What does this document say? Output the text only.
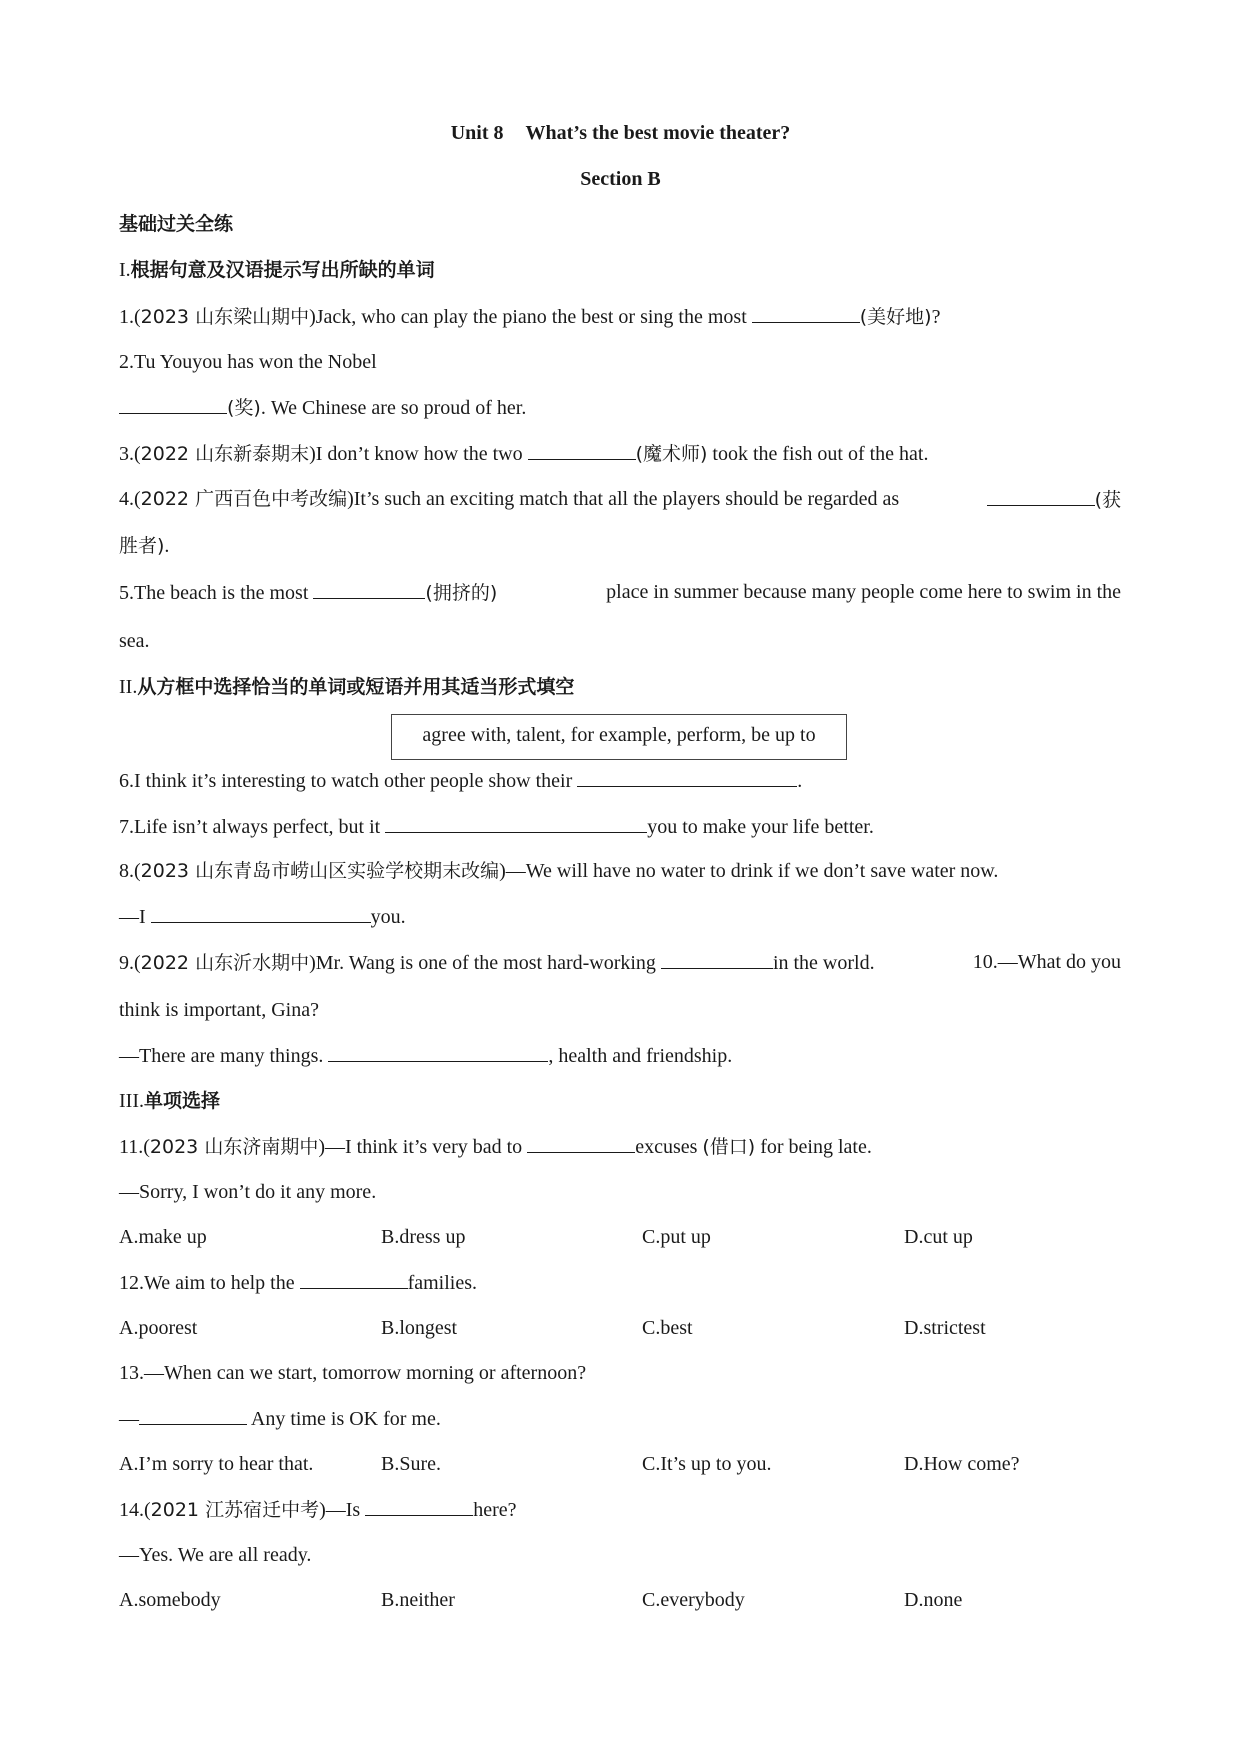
Unit 8 What’s the best movie theater?
Section B
基础过关全练
I.根据句意及汉语提示写出所缺的单词
1.(2023 山东梁山期中)Jack, who can play the piano the best or sing the most	(美好地)?
2.Tu Youyou has won the Nobel
(奖). We Chinese are so proud of her.
3.(2022 山东新泰期末)I don’t know how the two	(魔术师) took the fish out of the hat.
4.(2022 广西百色中考改编)It’s such an exciting match that all the players should be regarded as	(获
胜者).
5.The beach is the most	(拥挤的)	place in summer because many people come here to swim in the
sea.
II.从方框中选择恰当的单词或短语并用其适当形式填空
agree with, talent, for example, perform, be up to
6.I think it’s interesting to watch other people show their	.
7.Life isn’t always perfect, but it	you to make your life better.
8.(2023 山东青岛市崂山区实验学校期末改编)—We will have no water to drink if we don’t save water now.
—I	you.
9.(2022 山东沂水期中)Mr. Wang is one of the most hard-working	in the world.	10.—What do you
think is important, Gina?
—There are many things.	, health and friendship.
III.单项选择
11.(2023 山东济南期中)—I think it’s very bad to	excuses (借口) for being late.
—Sorry, I won’t do it any more.
A.make up	B.dress up	C.put up	D.cut up
12.We aim to help the	families.
A.poorest	B.longest	C.best	D.strictest
13.—When can we start, tomorrow morning or afternoon?
—	Any time is OK for me.
A.I’m sorry to hear that.	B.Sure.	C.It’s up to you.	D.How come?
14.(2021 江苏宿迁中考)—Is	here?
—Yes. We are all ready.
A.somebody	B.neither	C.everybody	D.none
